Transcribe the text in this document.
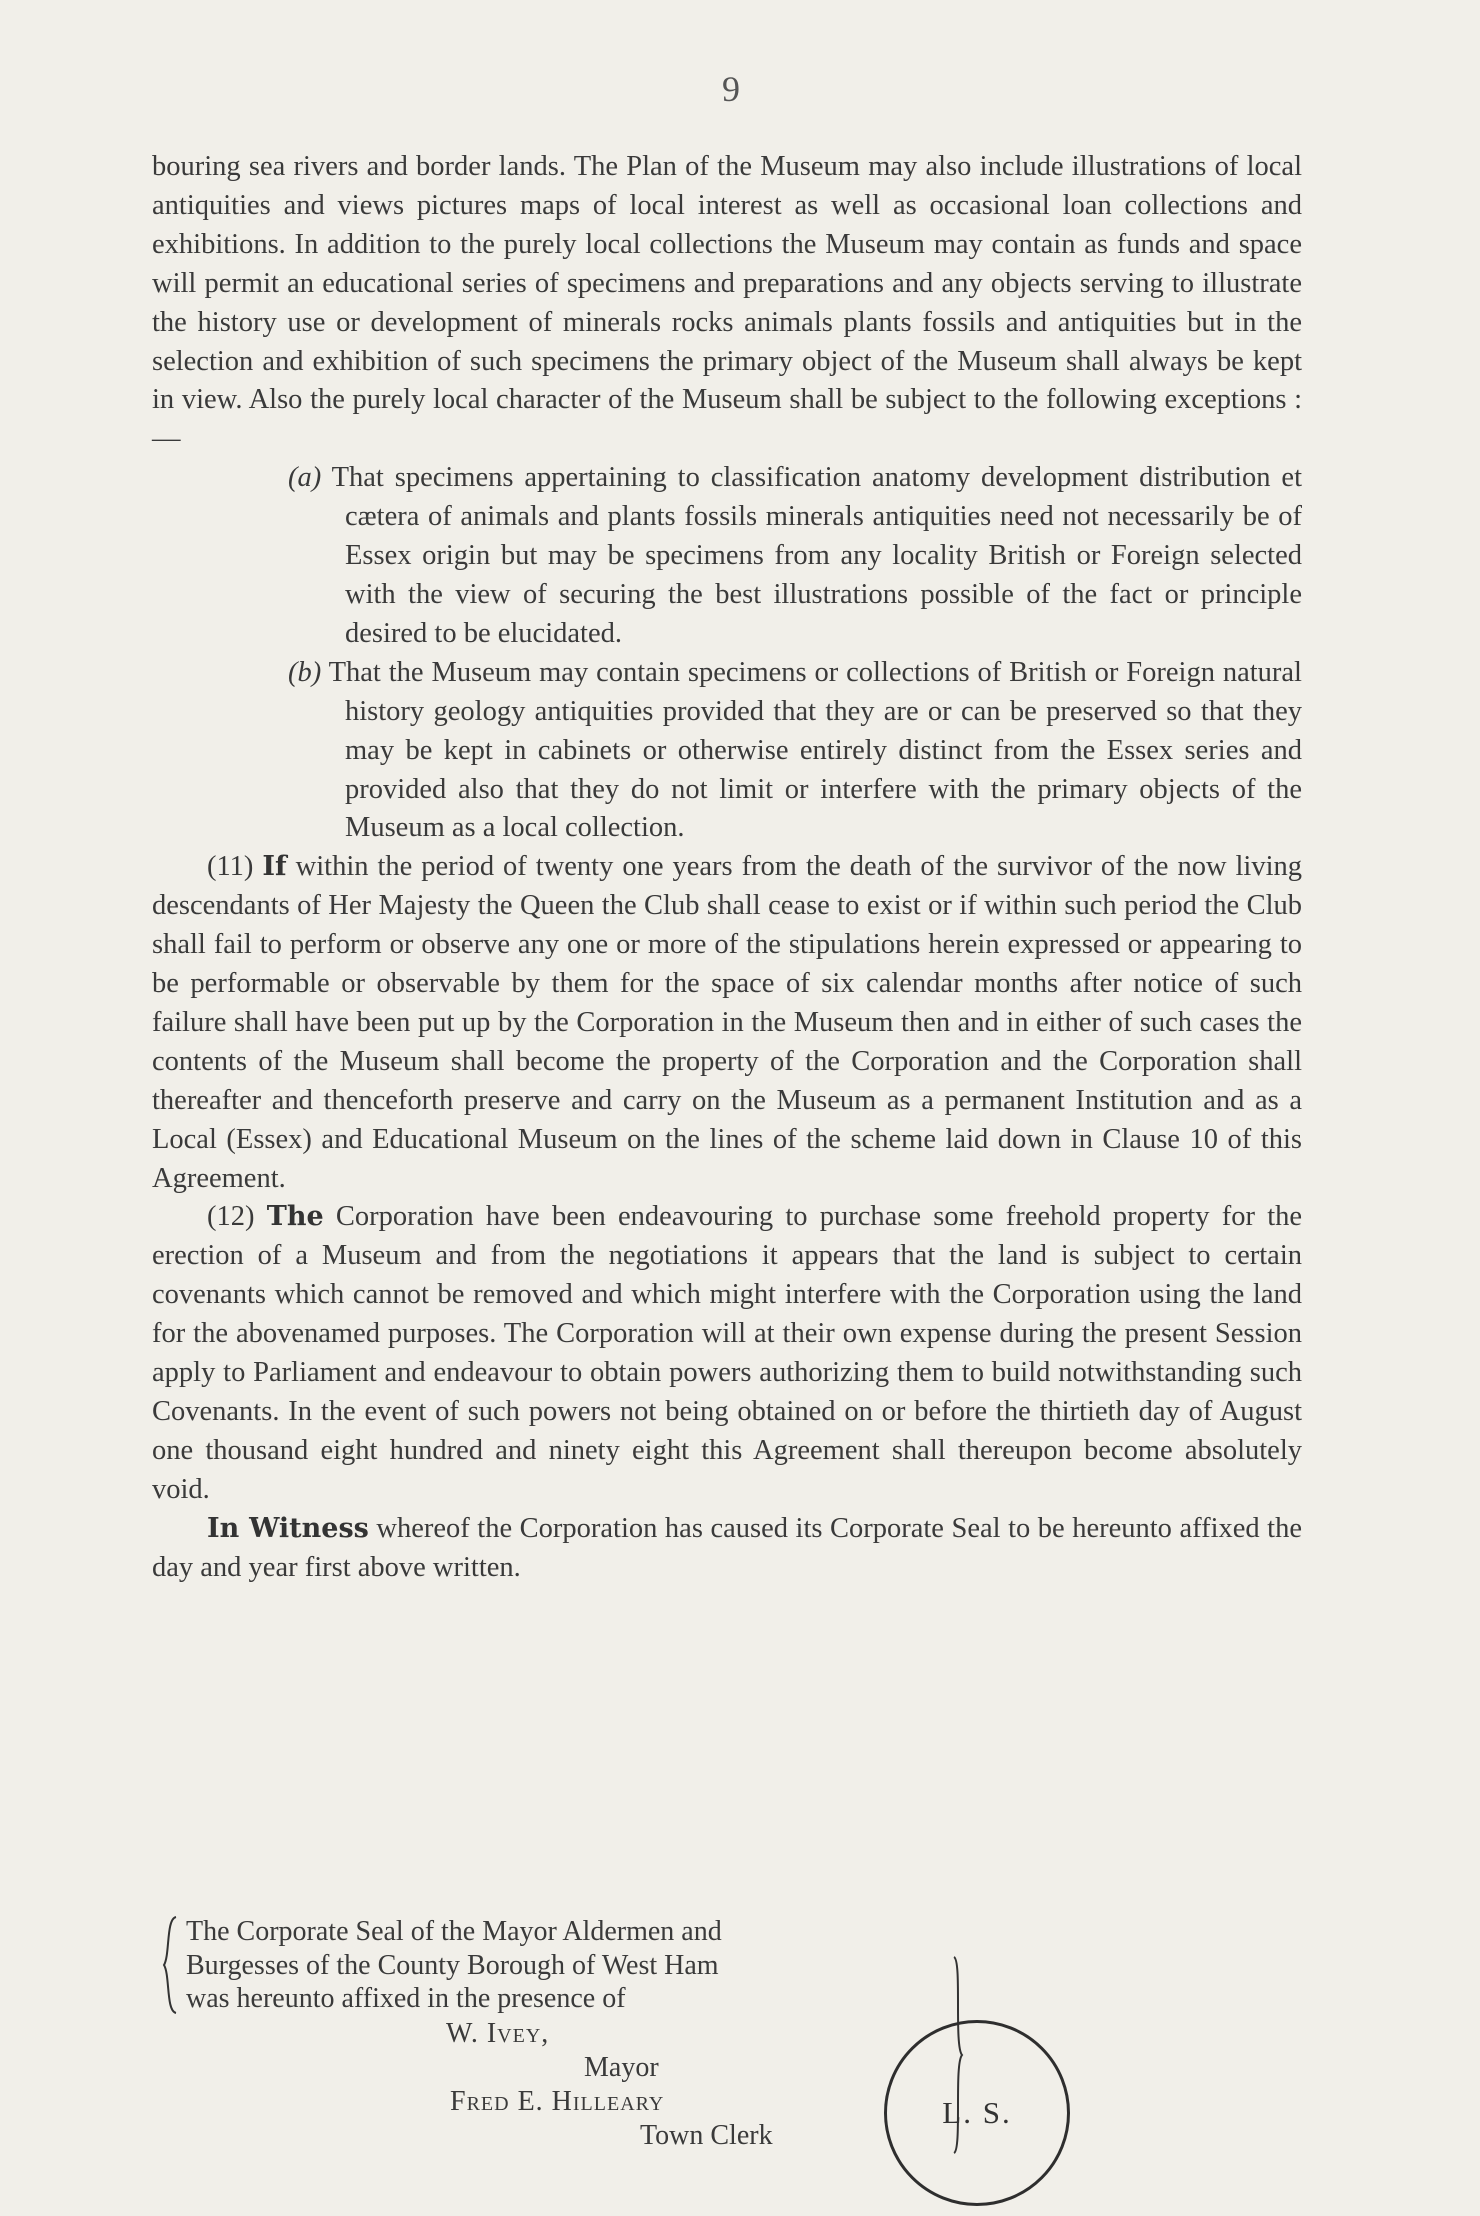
9

bouring sea rivers and border lands. The Plan of the Museum may also include illustrations of local antiquities and views pictures maps of local interest as well as occasional loan collections and exhibitions. In addition to the purely local collections the Museum may contain as funds and space will permit an educational series of specimens and preparations and any objects serving to illustrate the history use or development of minerals rocks animals plants fossils and antiquities but in the selection and exhibition of such specimens the primary object of the Museum shall always be kept in view. Also the purely local character of the Museum shall be subject to the following exceptions :—

(a) That specimens appertaining to classification anatomy development distribution et cætera of animals and plants fossils minerals antiquities need not necessarily be of Essex origin but may be specimens from any locality British or Foreign selected with the view of securing the best illustrations possible of the fact or principle desired to be elucidated.

(b) That the Museum may contain specimens or collections of British or Foreign natural history geology antiquities provided that they are or can be preserved so that they may be kept in cabinets or otherwise entirely distinct from the Essex series and provided also that they do not limit or interfere with the primary objects of the Museum as a local collection.

(11) If within the period of twenty one years from the death of the survivor of the now living descendants of Her Majesty the Queen the Club shall cease to exist or if within such period the Club shall fail to perform or observe any one or more of the stipulations herein expressed or appearing to be performable or observable by them for the space of six calendar months after notice of such failure shall have been put up by the Corporation in the Museum then and in either of such cases the contents of the Museum shall become the property of the Corporation and the Corporation shall thereafter and thenceforth preserve and carry on the Museum as a permanent Institution and as a Local (Essex) and Educational Museum on the lines of the scheme laid down in Clause 10 of this Agreement.

(12) The Corporation have been endeavouring to purchase some freehold property for the erection of a Museum and from the negotiations it appears that the land is subject to certain covenants which cannot be removed and which might interfere with the Corporation using the land for the abovenamed purposes. The Corporation will at their own expense during the present Session apply to Parliament and endeavour to obtain powers authorizing them to build notwithstanding such Covenants. In the event of such powers not being obtained on or before the thirtieth day of August one thousand eight hundred and ninety eight this Agreement shall thereupon become absolutely void.

In Witness whereof the Corporation has caused its Corporate Seal to be hereunto affixed the day and year first above written.

The Corporate Seal of the Mayor Aldermen and

Burgesses of the County Borough of West Ham

was hereunto affixed in the presence of

W. Ivey,
Mayor
Fred E. Hilleary
Town Clerk
L. S.
